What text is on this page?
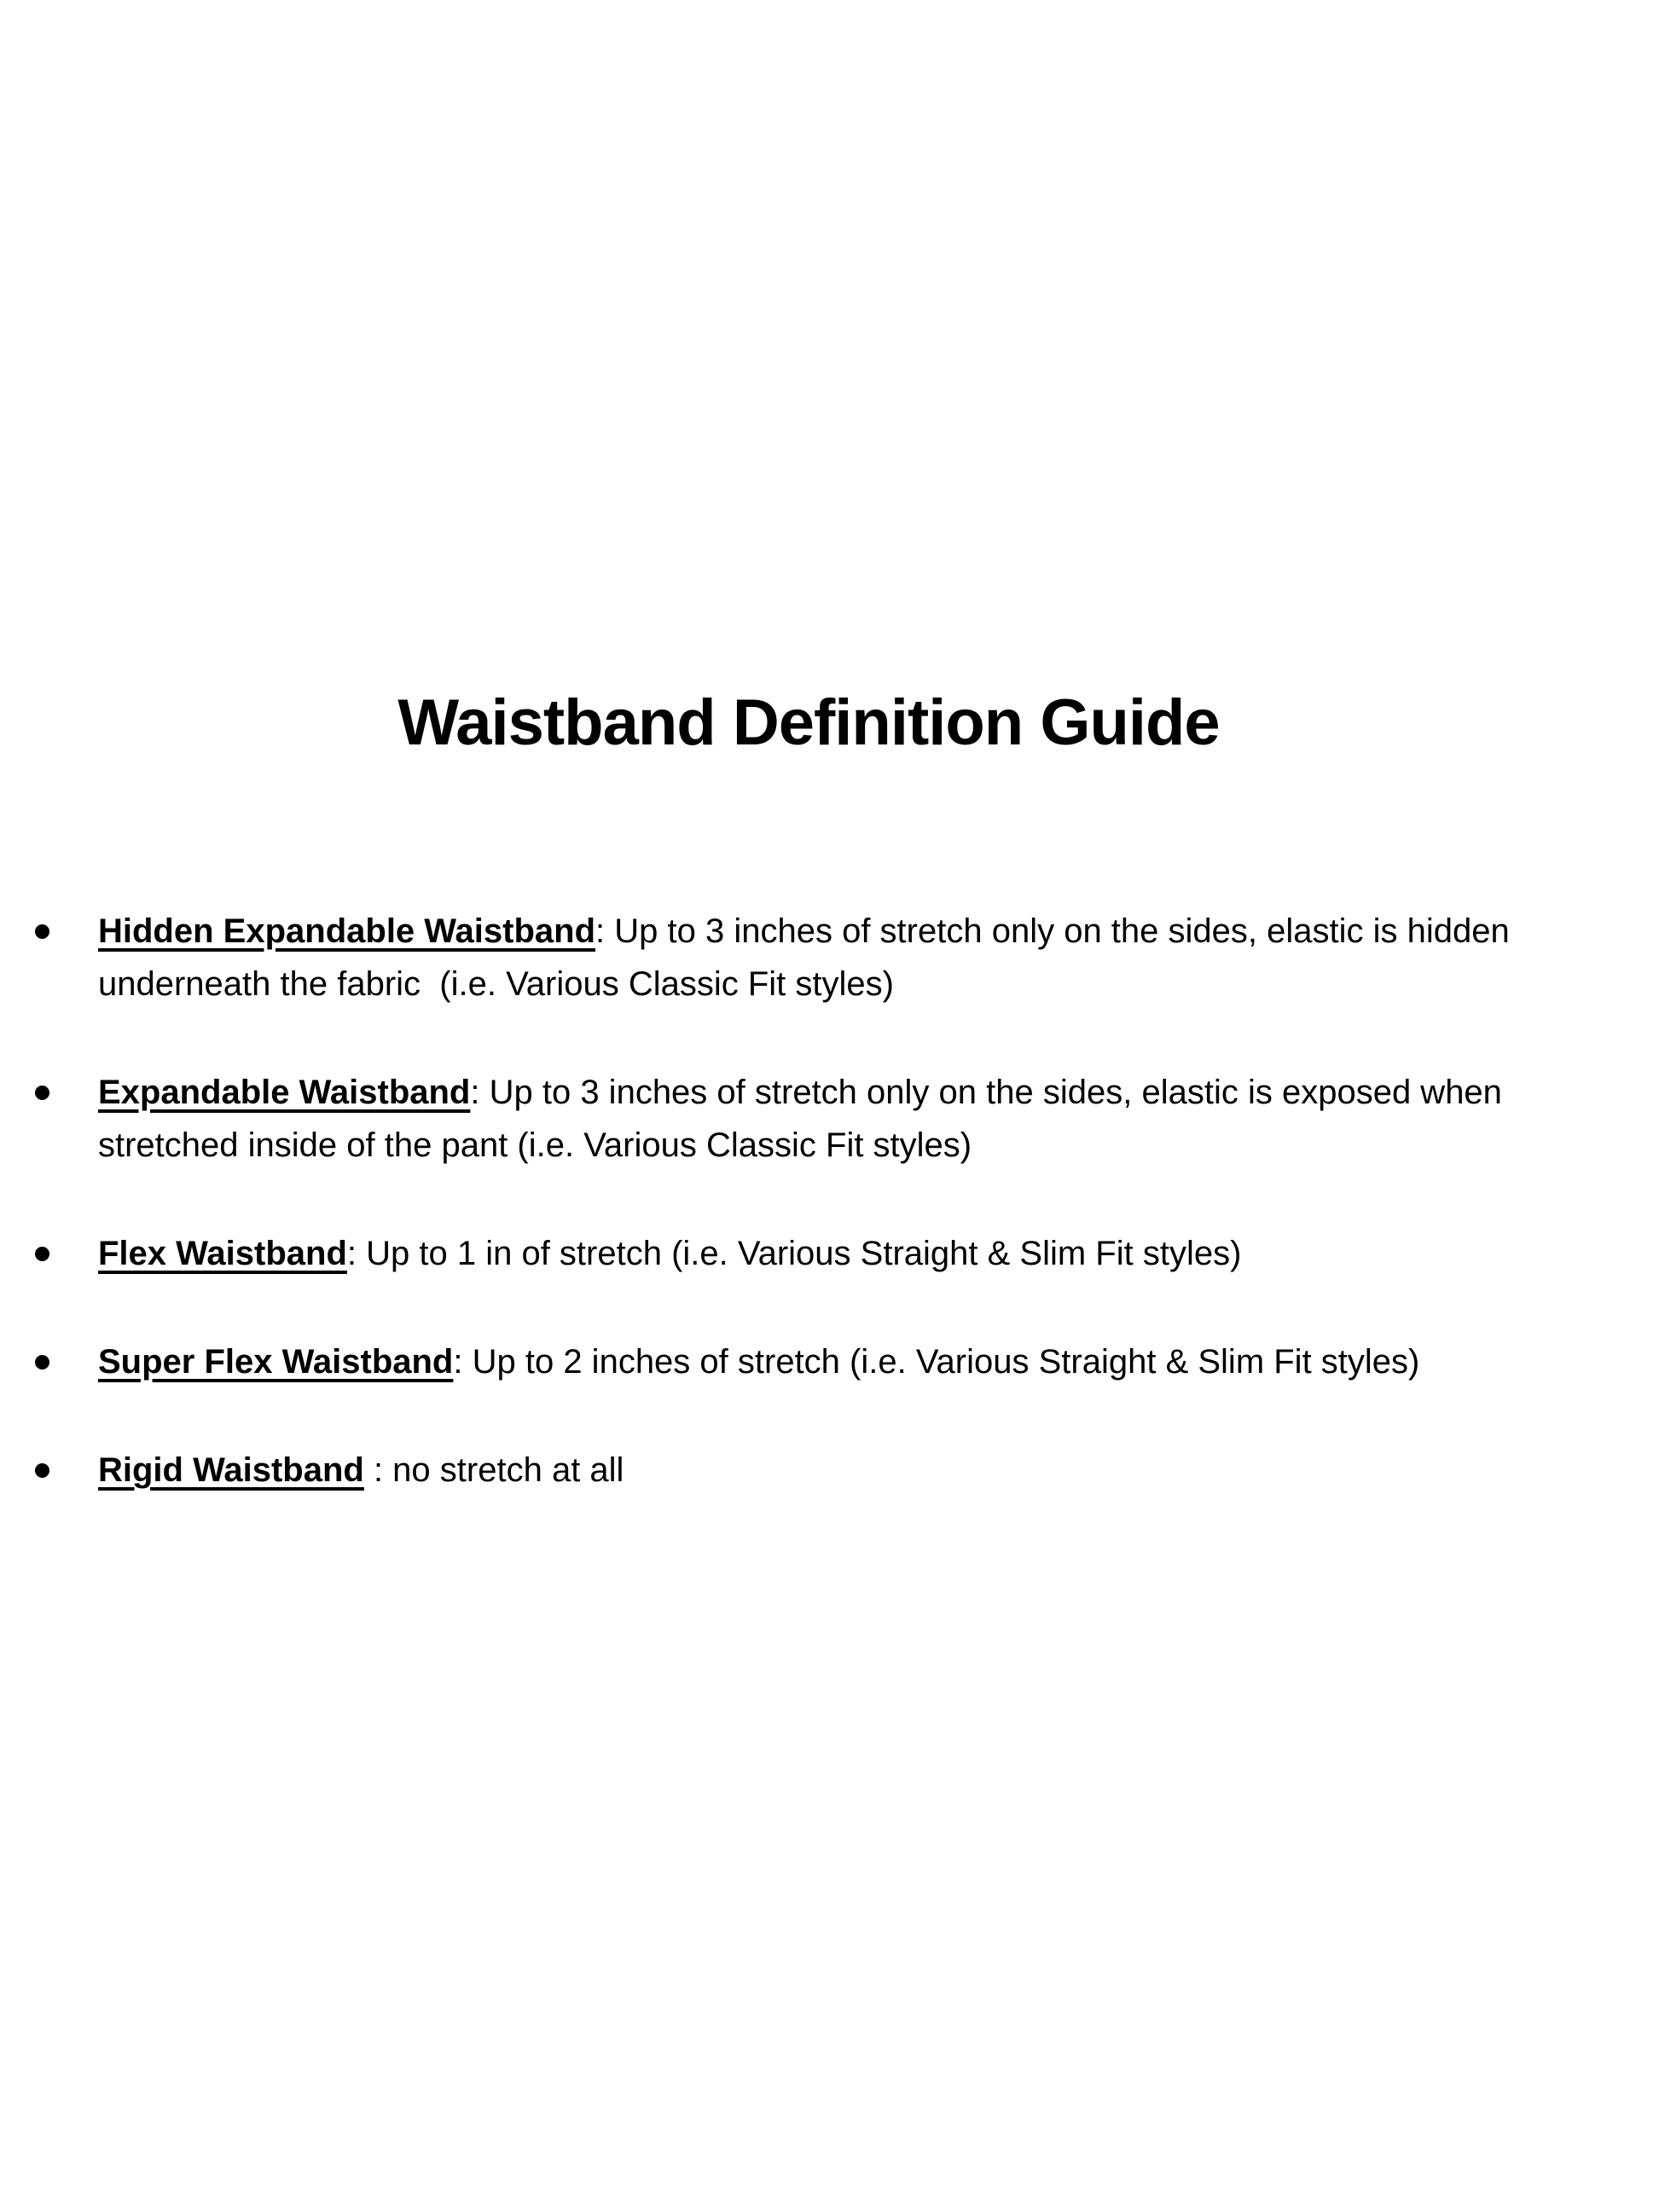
Waistband Definition Guide
Hidden Expandable Waistband: Up to 3 inches of stretch only on the sides, elastic is hidden
underneath the fabric  (i.e. Various Classic Fit styles)
Expandable Waistband: Up to 3 inches of stretch only on the sides, elastic is exposed when
stretched inside of the pant (i.e. Various Classic Fit styles)
Flex Waistband: Up to 1 in of stretch (i.e. Various Straight & Slim Fit styles)
Super Flex Waistband: Up to 2 inches of stretch (i.e. Various Straight & Slim Fit styles)
Rigid Waistband : no stretch at all
